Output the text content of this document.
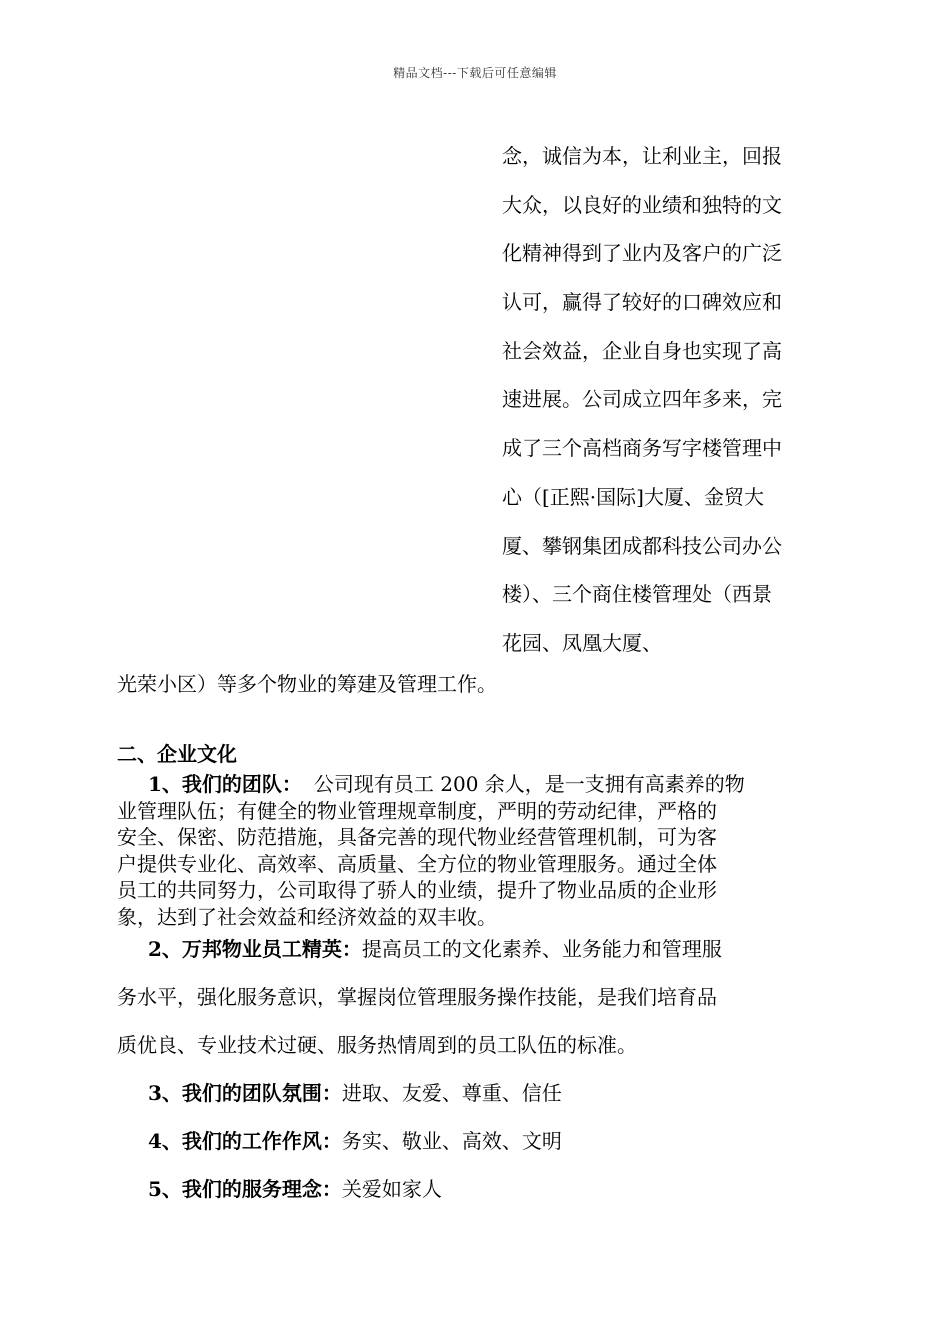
精品文档---下载后可任意编辑
念，诚信为本，让利业主，回报
大众，以良好的业绩和独特的文
化精神得到了业内及客户的广泛
认可，赢得了较好的口碑效应和
社会效益，企业自身也实现了高
速进展。公司成立四年多来，完
成了三个高档商务写字楼管理中
心（[正熙·国际]大厦、金贸大
厦、攀钢集团成都科技公司办公
楼）、三个商住楼管理处（西景
花园、凤凰大厦、
光荣小区）等多个物业的筹建及管理工作。
二、企业文化
1、我们的团队： 公司现有员工 200 余人，是一支拥有高素养的物
业管理队伍；有健全的物业管理规章制度，严明的劳动纪律，严格的
安全、保密、防范措施，具备完善的现代物业经营管理机制，可为客
户提供专业化、高效率、高质量、全方位的物业管理服务。通过全体
员工的共同努力，公司取得了骄人的业绩，提升了物业品质的企业形
象，达到了社会效益和经济效益的双丰收。
2、万邦物业员工精英：提高员工的文化素养、业务能力和管理服
务水平，强化服务意识，掌握岗位管理服务操作技能，是我们培育品
质优良、专业技术过硬、服务热情周到的员工队伍的标准。
3、我们的团队氛围：进取、友爱、尊重、信任
4、我们的工作作风：务实、敬业、高效、文明
5、我们的服务理念：关爱如家人
